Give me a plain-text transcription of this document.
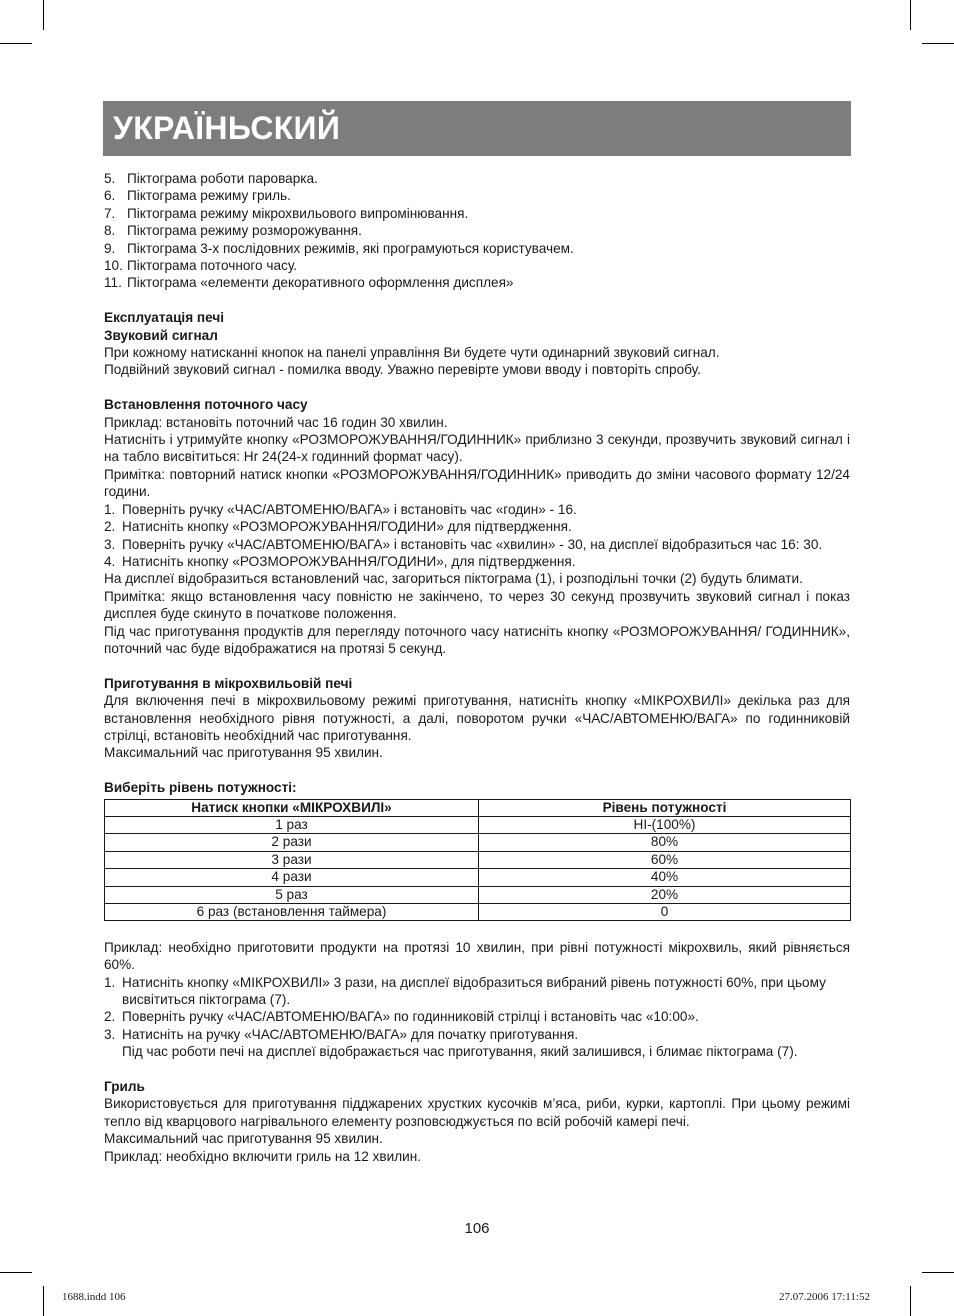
УКРАЇНЬСКИЙ
5. Піктограма роботи пароварка.
6. Піктограма режиму гриль.
7. Піктограма режиму мікрохвильового випромінювання.
8. Піктограма режиму розморожування.
9. Піктограма 3-х послідовних режимів, які програмуються користувачем.
10. Піктограма поточного часу.
11. Піктограма «елементи декоративного оформлення дисплея»

Експлуатація печі

Звуковий сигнал

При кожному натисканні кнопок на панелі управління Ви будете чути одинарний звуковий сигнал.

Подвійний звуковий сигнал - помилка вводу. Уважно перевірте умови вводу і повторіть спробу.

Встановлення поточного часу

Приклад: встановіть поточний час 16 годин 30 хвилин.

Натисніть і утримуйте кнопку «РОЗМОРОЖУВАННЯ/ГОДИННИК» приблизно 3 секунди, прозвучить звуковий сигнал і на табло висвітиться: Hr 24(24-х годинний формат часу).

Примітка: повторний натиск кнопки «РОЗМОРОЖУВАННЯ/ГОДИННИК» приводить до зміни часового формату 12/24 години.

1. Поверніть ручку «ЧАС/АВТОМЕНЮ/ВАГА» і встановіть час «годин» - 16.
2. Натисніть кнопку «РОЗМОРОЖУВАННЯ/ГОДИНИ» для підтвердження.
3. Поверніть ручку «ЧАС/АВТОМЕНЮ/ВАГА» і встановіть час «хвилин» - 30, на дисплеї відобразиться час 16: 30.
4. Натисніть кнопку «РОЗМОРОЖУВАННЯ/ГОДИНИ», для підтвердження.

На дисплеї відобразиться встановлений час, загориться піктограма (1), і розподільні точки (2) будуть блимати.

Примітка: якщо встановлення часу повністю не закінчено, то через 30 секунд прозвучить звуковий сигнал і показ дисплея буде скинуто в початкове положення.

Під час приготування продуктів для перегляду поточного часу натисніть кнопку «РОЗМОРОЖУВАННЯ/ ГОДИННИК», поточний час буде відображатися на протязі 5 секунд.

Приготування в мікрохвильовій печі

Для включення печі в мікрохвильовому режимі приготування, натисніть кнопку «МІКРОХВИЛІ» декілька раз для встановлення необхідного рівня потужності, а далі, поворотом ручки «ЧАС/АВТОМЕНЮ/ВАГА» по годинниковій стрілці, встановіть необхідний час приготування.

Максимальний час приготування 95 хвилин.

Виберіть рівень потужності:

Натиск кнопки «МІКРОХВИЛІ»	Рівень потужності
1 раз	HI-(100%)
2 рази	80%
3 рази	60%
4 рази	40%
5 раз	20%
6 раз (встановлення таймера)	0

Приклад: необхідно приготовити продукти на протязі 10 хвилин, при рівні потужності мікрохвиль, який рівняється 60%.

1. Натисніть кнопку «МІКРОХВИЛІ» 3 рази, на дисплеї відобразиться вибраний рівень потужності 60%, при цьому висвітиться піктограма (7).
2. Поверніть ручку «ЧАС/АВТОМЕНЮ/ВАГА» по годинниковій стрілці і встановіть час «10:00».
3. Натисніть на ручку «ЧАС/АВТОМЕНЮ/ВАГА» для початку приготування.

Під час роботи печі на дисплеї відображається час приготування, який залишився, і блимає піктограма (7).

Гриль

Використовується для приготування підджарених хрустких кусочків м’яса, риби, курки, картоплі. При цьому режимі тепло від кварцового нагрівального елементу розповсюджується по всій робочій камері печі.

Максимальний час приготування 95 хвилин.

Приклад: необхідно включити гриль на 12 хвилин.

106
1688.indd 106	27.07.2006 17:11:52
